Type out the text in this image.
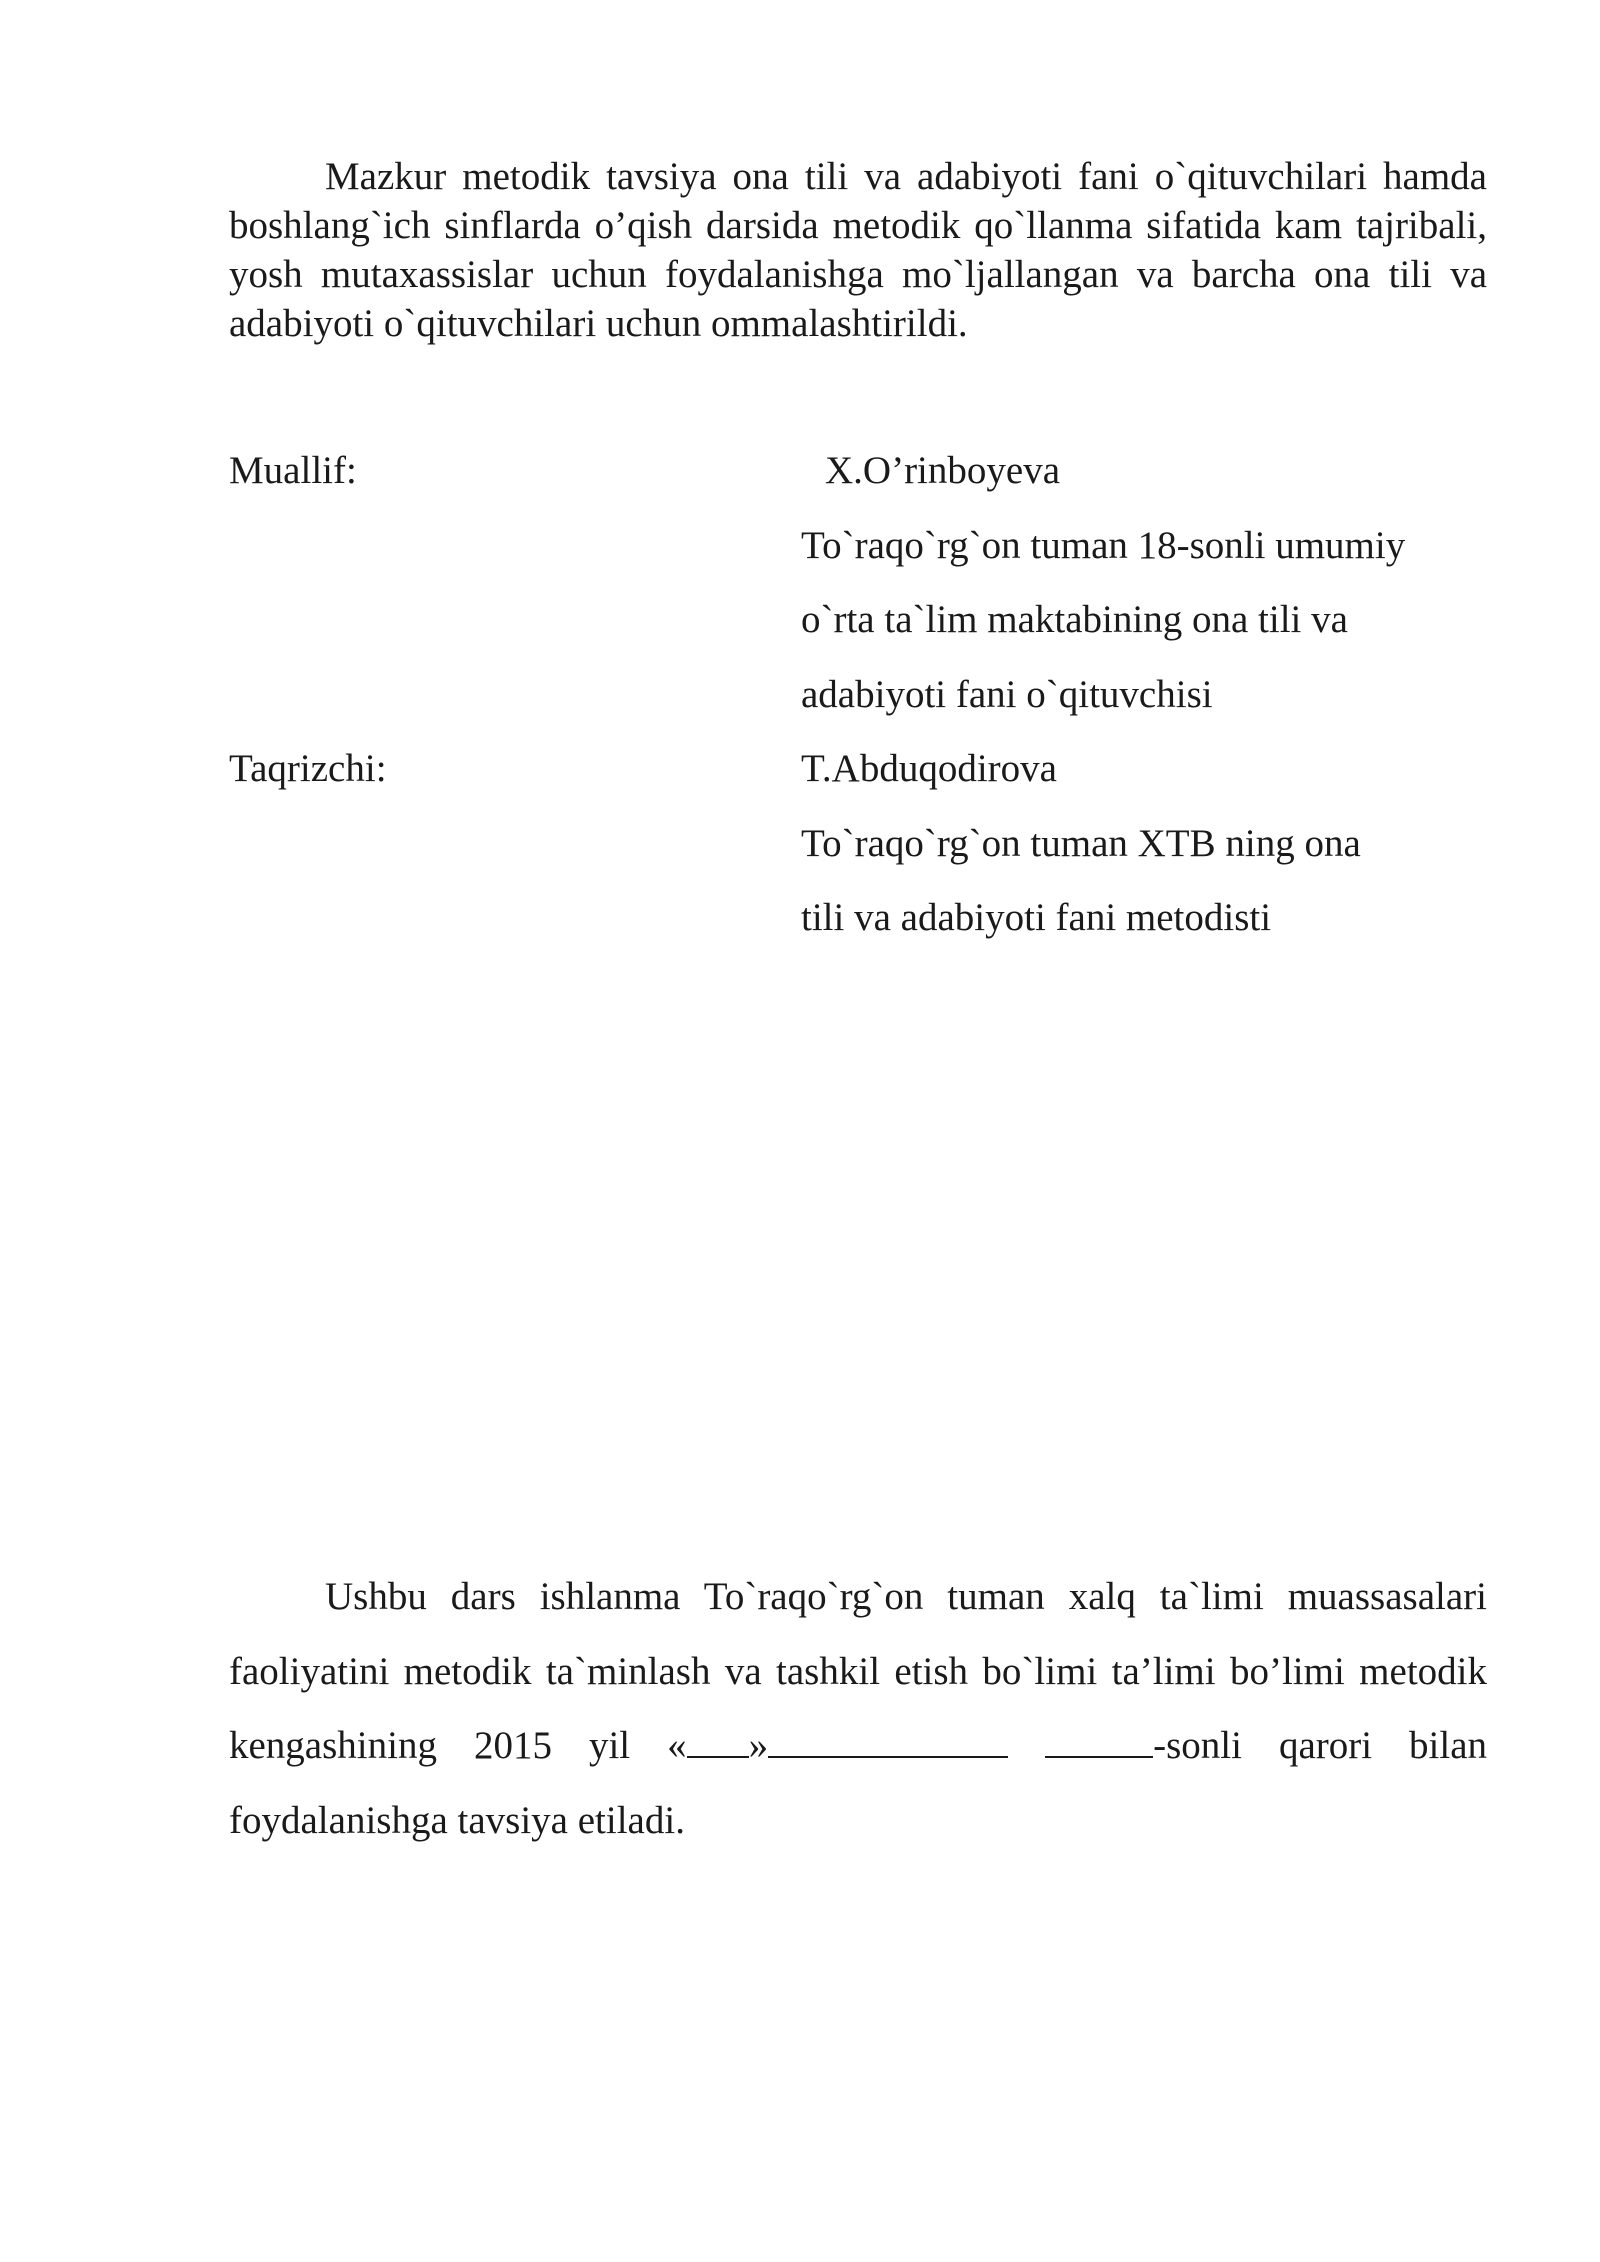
Mazkur metodik tavsiya ona tili va adabiyoti fani o`qituvchilari hamda boshlang`ich sinflarda o’qish darsida metodik qo`llanma sifatida kam tajribali, yosh mutaxassislar uchun foydalanishga mo`ljallangan va barcha ona tili va adabiyoti o`qituvchilari uchun ommalashtirildi.

Muallif:	X.O’rinboyeva
To`raqo`rg`on tuman 18-sonli umumiy
o`rta ta`lim maktabining ona tili va
adabiyoti fani o`qituvchisi

Taqrizchi:	T.Abduqodirova
To`raqo`rg`on tuman XTB ning ona
tili va adabiyoti fani metodisti

Ushbu dars ishlanma To`raqo`rg`on tuman xalq ta`limi muassasalari faoliyatini metodik ta`minlash va tashkil etish bo`limi ta’limi bo’limi metodik kengashining 2015 yil « »	-sonli qarori bilan foydalanishga tavsiya etiladi.
